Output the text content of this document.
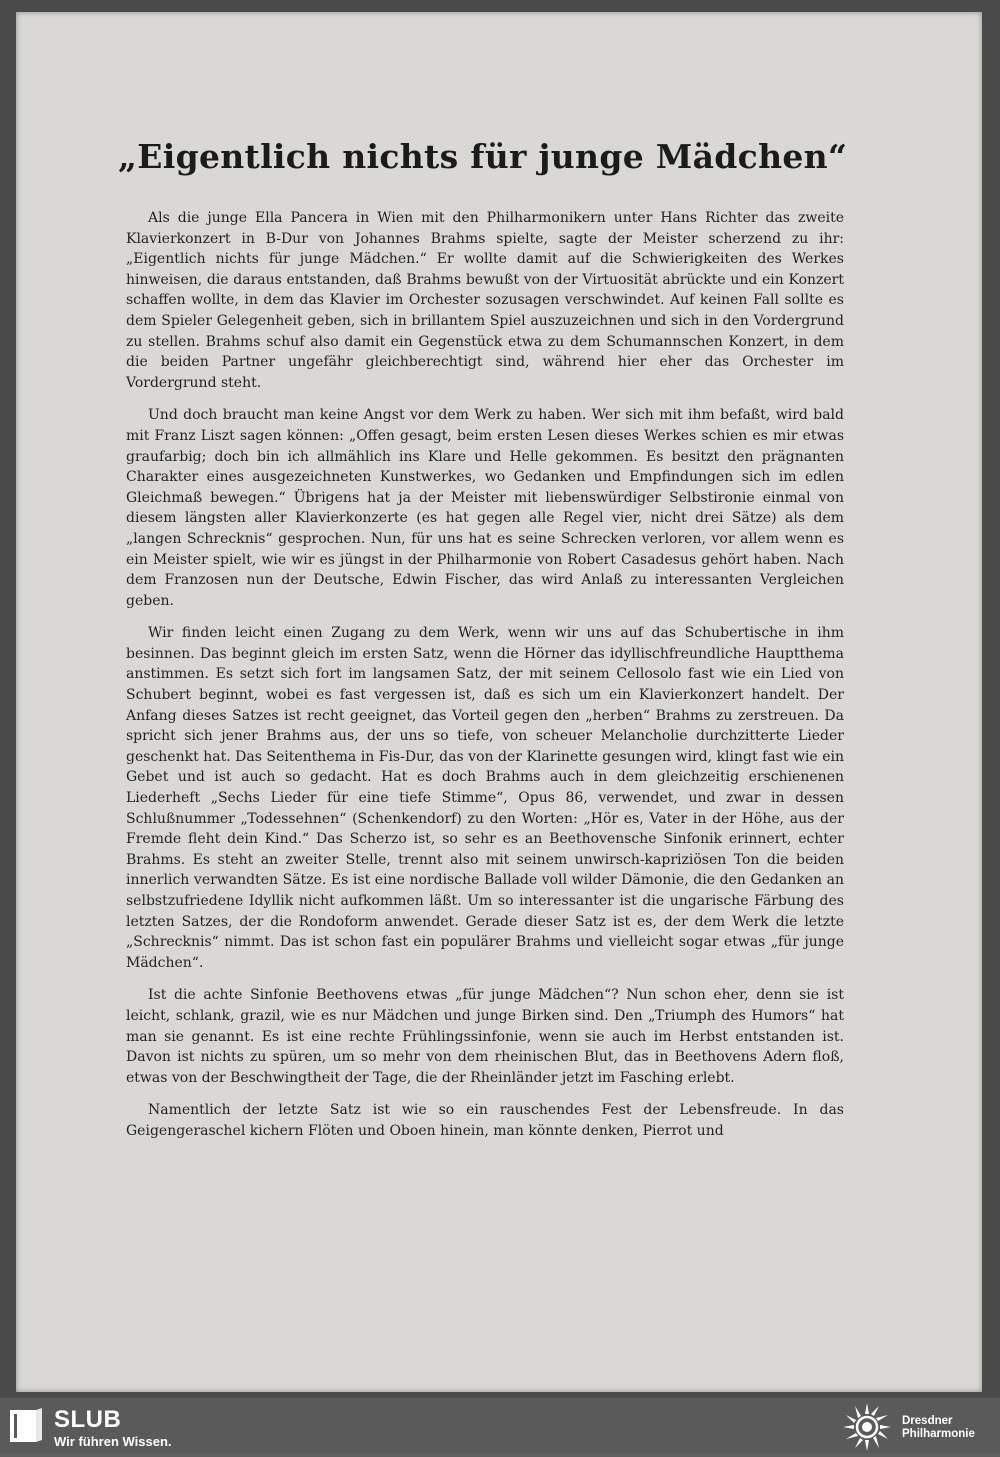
„Eigentlich nichts für junge Mädchen“

Als die junge Ella Pancera in Wien mit den Philharmonikern unter Hans Richter das zweite Klavierkonzert in B-Dur von Johannes Brahms spielte, sagte der Meister scherzend zu ihr: „Eigentlich nichts für junge Mädchen.“ Er wollte damit auf die Schwierigkeiten des Werkes hinweisen, die daraus entstanden, daß Brahms bewußt von der Virtuosität abrückte und ein Konzert schaffen wollte, in dem das Klavier im Orchester sozusagen verschwindet. Auf keinen Fall sollte es dem Spieler Gelegenheit geben, sich in brillantem Spiel auszuzeichnen und sich in den Vordergrund zu stellen. Brahms schuf also damit ein Gegenstück etwa zu dem Schumannschen Konzert, in dem die beiden Partner ungefähr gleichberechtigt sind, während hier eher das Orchester im Vordergrund steht.

Und doch braucht man keine Angst vor dem Werk zu haben. Wer sich mit ihm befaßt, wird bald mit Franz Liszt sagen können: „Offen gesagt, beim ersten Lesen dieses Werkes schien es mir etwas graufarbig; doch bin ich allmählich ins Klare und Helle gekommen. Es besitzt den prägnanten Charakter eines ausgezeichneten Kunstwerkes, wo Gedanken und Empfindungen sich im edlen Gleichmaß bewegen.“ Übrigens hat ja der Meister mit liebenswürdiger Selbstironie einmal von diesem längsten aller Klavierkonzerte (es hat gegen alle Regel vier, nicht drei Sätze) als dem „langen Schrecknis“ gesprochen. Nun, für uns hat es seine Schrecken verloren, vor allem wenn es ein Meister spielt, wie wir es jüngst in der Philharmonie von Robert Casadesus gehört haben. Nach dem Franzosen nun der Deutsche, Edwin Fischer, das wird Anlaß zu interessanten Vergleichen geben.

Wir finden leicht einen Zugang zu dem Werk, wenn wir uns auf das Schubertische in ihm besinnen. Das beginnt gleich im ersten Satz, wenn die Hörner das idyllischfreundliche Hauptthema anstimmen. Es setzt sich fort im langsamen Satz, der mit seinem Cellosolo fast wie ein Lied von Schubert beginnt, wobei es fast vergessen ist, daß es sich um ein Klavierkonzert handelt. Der Anfang dieses Satzes ist recht geeignet, das Vorteil gegen den „herben“ Brahms zu zerstreuen. Da spricht sich jener Brahms aus, der uns so tiefe, von scheuer Melancholie durchzitterte Lieder geschenkt hat. Das Seitenthema in Fis-Dur, das von der Klarinette gesungen wird, klingt fast wie ein Gebet und ist auch so gedacht. Hat es doch Brahms auch in dem gleichzeitig erschienenen Liederheft „Sechs Lieder für eine tiefe Stimme“, Opus 86, verwendet, und zwar in dessen Schlußnummer „Todessehnen“ (Schenkendorf) zu den Worten: „Hör es, Vater in der Höhe, aus der Fremde fleht dein Kind.“ Das Scherzo ist, so sehr es an Beethovensche Sinfonik erinnert, echter Brahms. Es steht an zweiter Stelle, trennt also mit seinem unwirsch-kapriziösen Ton die beiden innerlich verwandten Sätze. Es ist eine nordische Ballade voll wilder Dämonie, die den Gedanken an selbstzufriedene Idyllik nicht aufkommen läßt. Um so interessanter ist die ungarische Färbung des letzten Satzes, der die Rondoform anwendet. Gerade dieser Satz ist es, der dem Werk die letzte „Schrecknis“ nimmt. Das ist schon fast ein populärer Brahms und vielleicht sogar etwas „für junge Mädchen“.

Ist die achte Sinfonie Beethovens etwas „für junge Mädchen“? Nun schon eher, denn sie ist leicht, schlank, grazil, wie es nur Mädchen und junge Birken sind. Den „Triumph des Humors“ hat man sie genannt. Es ist eine rechte Frühlingssinfonie, wenn sie auch im Herbst entstanden ist. Davon ist nichts zu spüren, um so mehr von dem rheinischen Blut, das in Beethovens Adern floß, etwas von der Beschwingtheit der Tage, die der Rheinländer jetzt im Fasching erlebt.

Namentlich der letzte Satz ist wie so ein rauschendes Fest der Lebensfreude. In das Geigengeraschel kichern Flöten und Oboen hinein, man könnte denken, Pierrot und

SLUB
Wir führen Wissen.
Dresdner
Philharmonie
